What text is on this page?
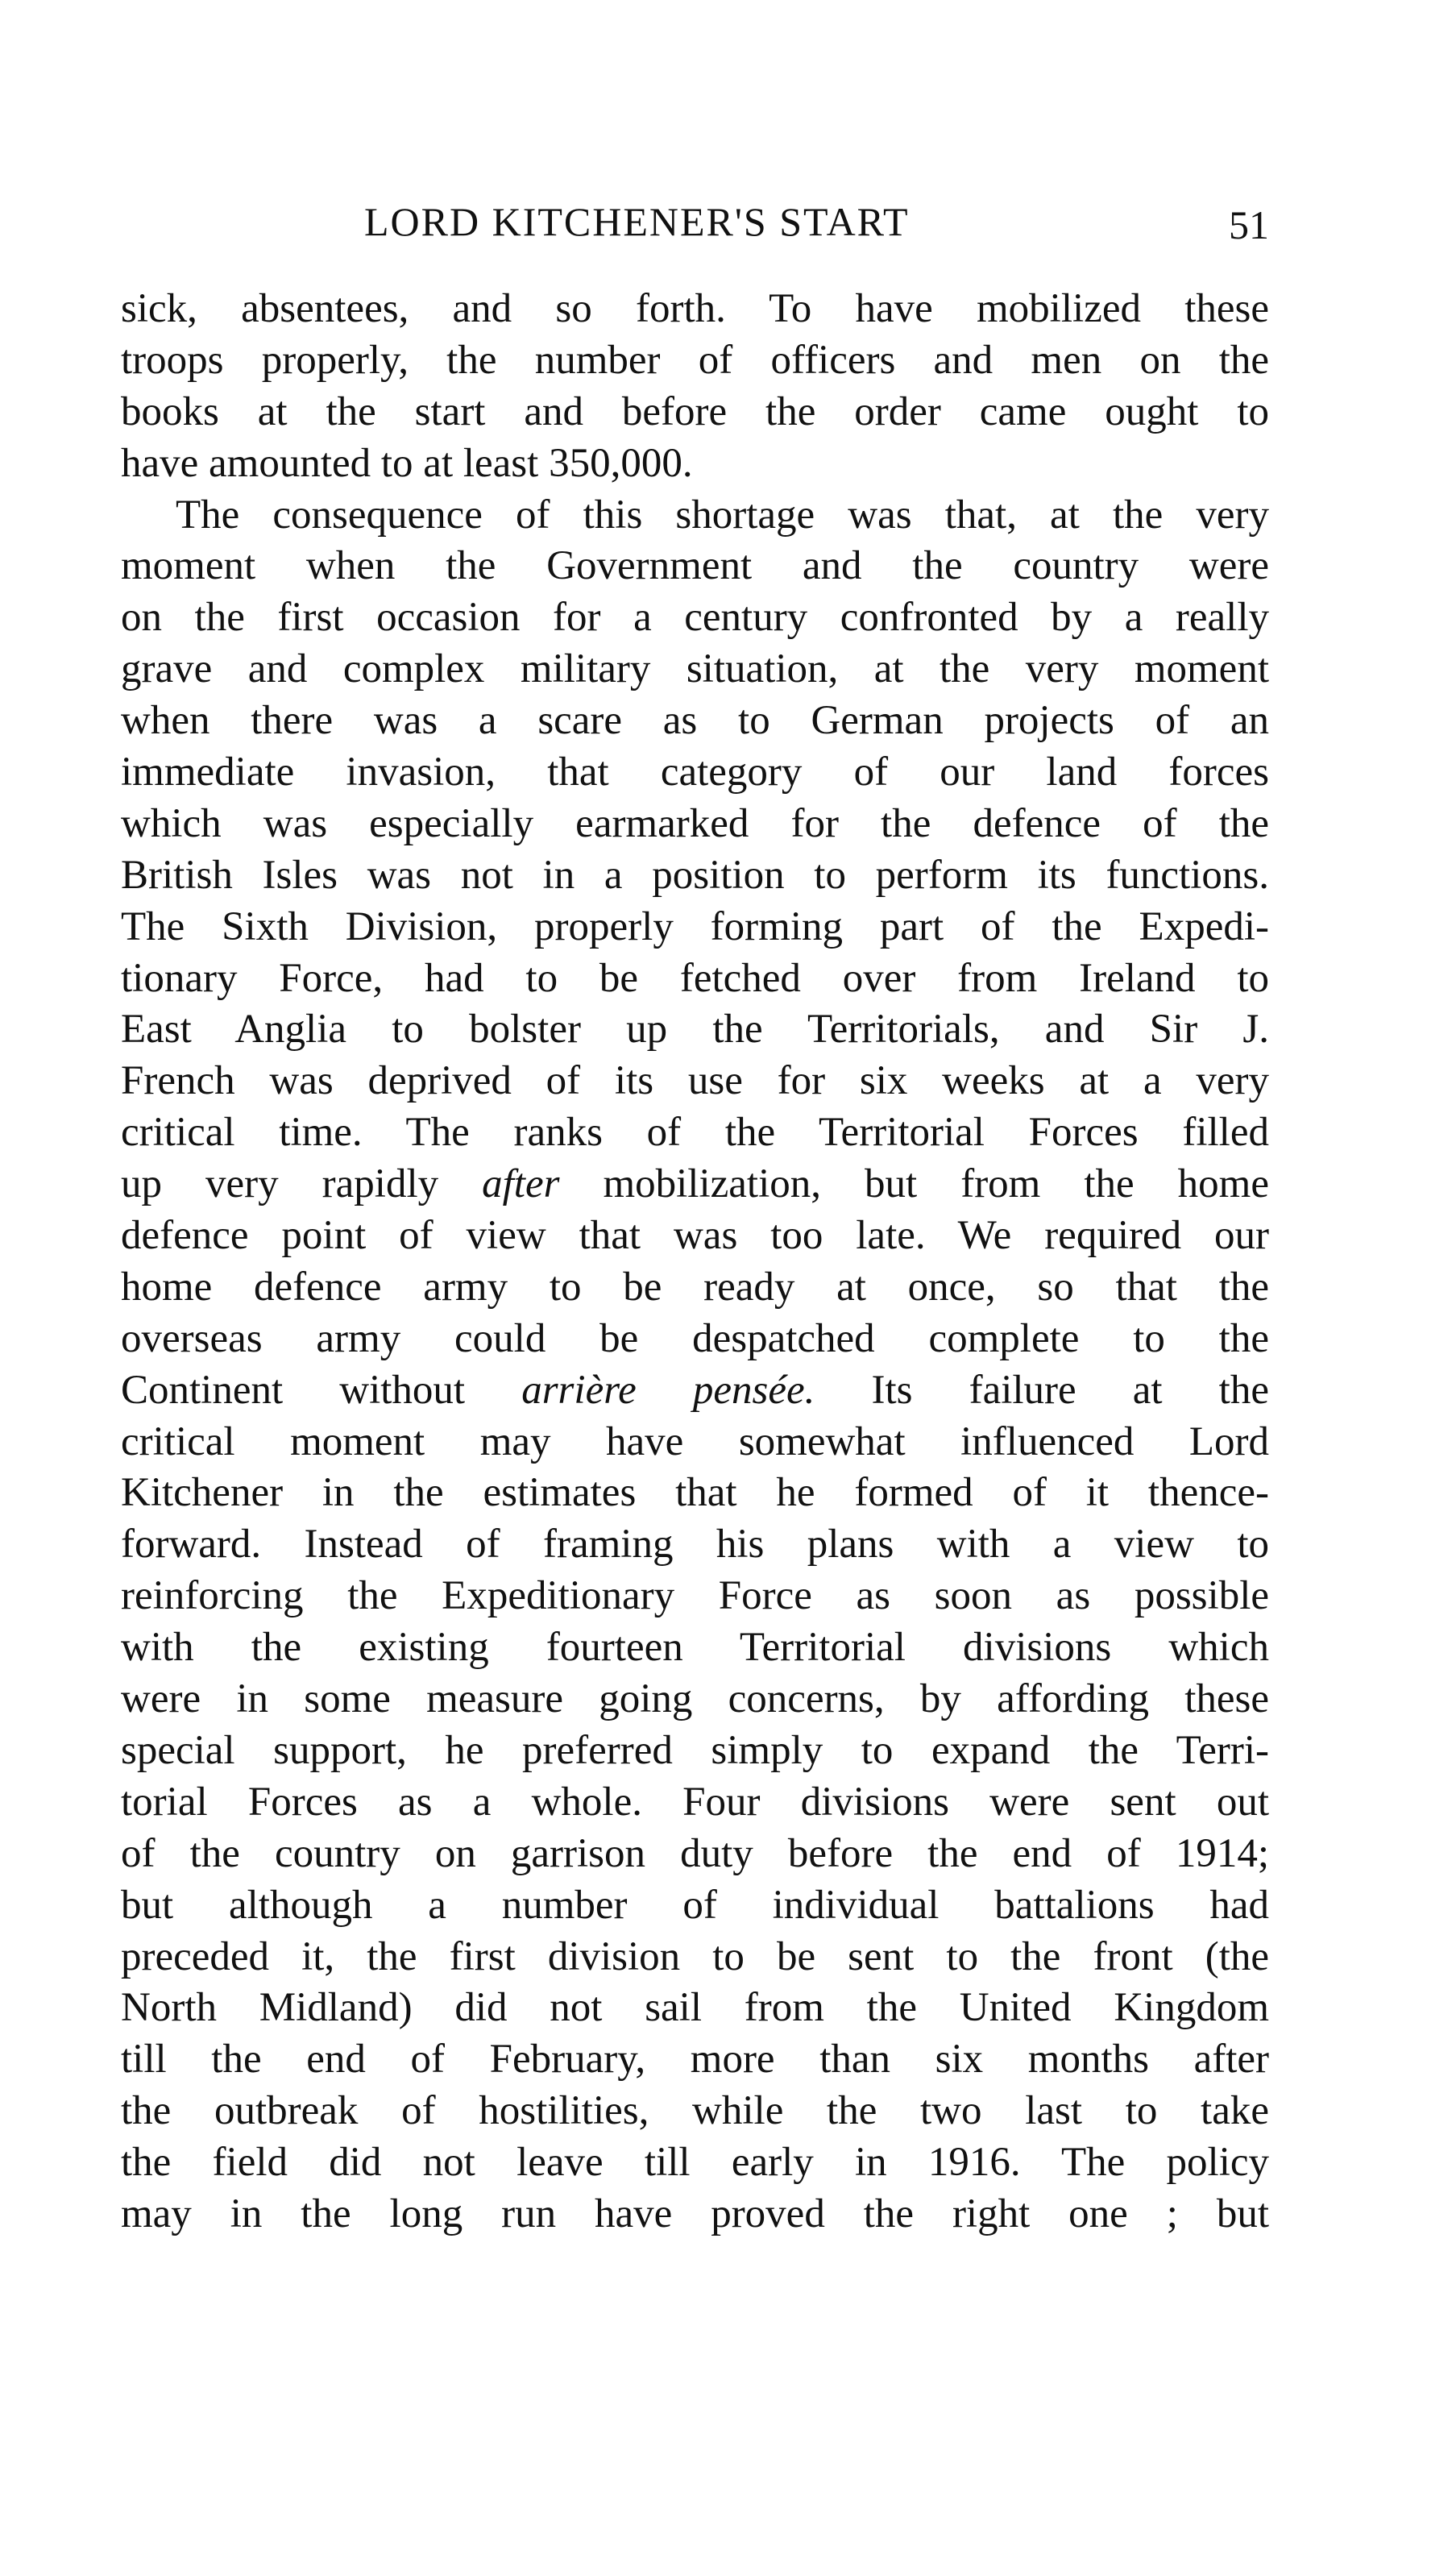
LORD KITCHENER'S START	51
sick, absentees, and so forth. To have mobilized these
troops properly, the number of officers and men on the
books at the start and before the order came ought to
have amounted to at least 350,000.
The consequence of this shortage was that, at the very
moment when the Government and the country were
on the first occasion for a century confronted by a really
grave and complex military situation, at the very moment
when there was a scare as to German projects of an
immediate invasion, that category of our land forces
which was especially earmarked for the defence of the
British Isles was not in a position to perform its functions.
The Sixth Division, properly forming part of the Expedi-
tionary Force, had to be fetched over from Ireland to
East Anglia to bolster up the Territorials, and Sir J.
French was deprived of its use for six weeks at a very
critical time. The ranks of the Territorial Forces filled
up very rapidly after mobilization, but from the home
defence point of view that was too late. We required our
home defence army to be ready at once, so that the
overseas army could be despatched complete to the
Continent without arrière pensée. Its failure at the
critical moment may have somewhat influenced Lord
Kitchener in the estimates that he formed of it thence-
forward. Instead of framing his plans with a view to
reinforcing the Expeditionary Force as soon as possible
with the existing fourteen Territorial divisions which
were in some measure going concerns, by affording these
special support, he preferred simply to expand the Terri-
torial Forces as a whole. Four divisions were sent out
of the country on garrison duty before the end of 1914;
but although a number of individual battalions had
preceded it, the first division to be sent to the front (the
North Midland) did not sail from the United Kingdom
till the end of February, more than six months after
the outbreak of hostilities, while the two last to take
the field did not leave till early in 1916. The policy
may in the long run have proved the right one ; but
